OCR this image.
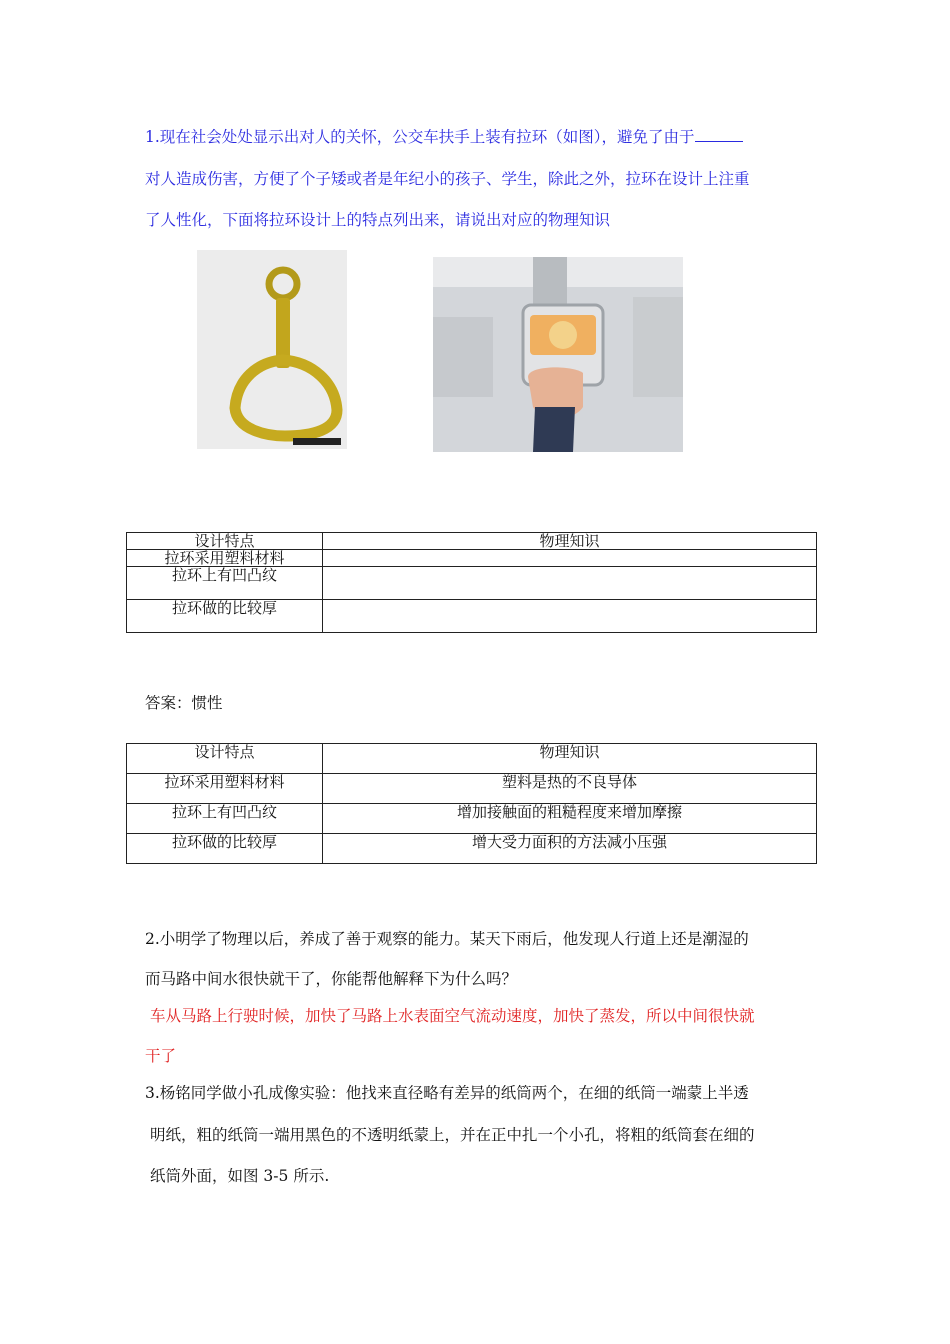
1.现在社会处处显示出对人的关怀，公交车扶手上装有拉环（如图），避免了由于
对人造成伤害，方便了个子矮或者是年纪小的孩子、学生，除此之外，拉环在设计上注重
了人性化，下面将拉环设计上的特点列出来，请说出对应的物理知识
设计特点	物理知识
拉环采用塑料材料	
拉环上有凹凸纹	
拉环做的比较厚	
答案：惯性
设计特点	物理知识
拉环采用塑料材料	塑料是热的不良导体
拉环上有凹凸纹	增加接触面的粗糙程度来增加摩擦
拉环做的比较厚	增大受力面积的方法减小压强
2.小明学了物理以后，养成了善于观察的能力。某天下雨后，他发现人行道上还是潮湿的
而马路中间水很快就干了，你能帮他解释下为什么吗？
车从马路上行驶时候，加快了马路上水表面空气流动速度，加快了蒸发，所以中间很快就
干了
3.杨铭同学做小孔成像实验：他找来直径略有差异的纸筒两个，在细的纸筒一端蒙上半透
明纸，粗的纸筒一端用黑色的不透明纸蒙上，并在正中扎一个小孔，将粗的纸筒套在细的
纸筒外面，如图 3-5 所示.
